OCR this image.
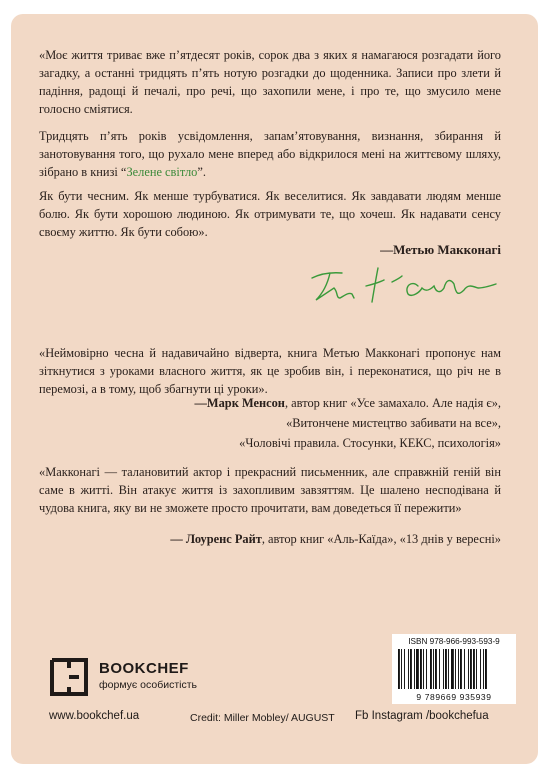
«Моє життя триває вже п’ятдесят років, сорок два з яких я намагаюся розгадати його загадку, а останні тридцять п’ять нотую розгадки до щоденника. Записи про злети й падіння, радощі й печалі, про речі, що захопили мене, і про те, що змусило мене голосно сміятися.
Тридцять п’ять років усвідомлення, запам’ятовування, визнання, збирання й занотовування того, що рухало мене вперед або відкрилося мені на життєвому шляху, зібрано в книзі “Зелене світло”.
Як бути чесним. Як менше турбуватися. Як веселитися. Як завдавати людям менше болю. Як бути хорошою людиною. Як отримувати те, що хочеш. Як надавати сенсу своєму життю. Як бути собою».
—Метью Макконагі
«Неймовірно чесна й надавичайно відверта, книга Метью Макконагі пропонує нам зіткнутися з уроками власного життя, як це зробив він, і переконатися, що річ не в перемозі, а в тому, щоб збагнути ці уроки».
—Марк Менсон, автор книг «Усе замахало. Але надія є»,
«Витончене мистецтво забивати на все»,
«Чоловічі правила. Стосунки, КЕКС, психологія»
«Макконагі — талановитий актор і прекрасний письменник, але справжній геній він саме в житті. Він атакує життя із захопливим завзяттям. Це шалено несподівана й чудова книга, яку ви не зможете просто прочитати, вам доведеться її пережити»
— Лоуренс Райт, автор книг «Аль-Каїда», «13 днів у вересні»
BOOKCHEF
формує особистість
ISBN 978-966-993-593-9
9 789669 935939
www.bookchef.ua	Credit: Miller Mobley/ AUGUST Fb Instagram /bookchefua
